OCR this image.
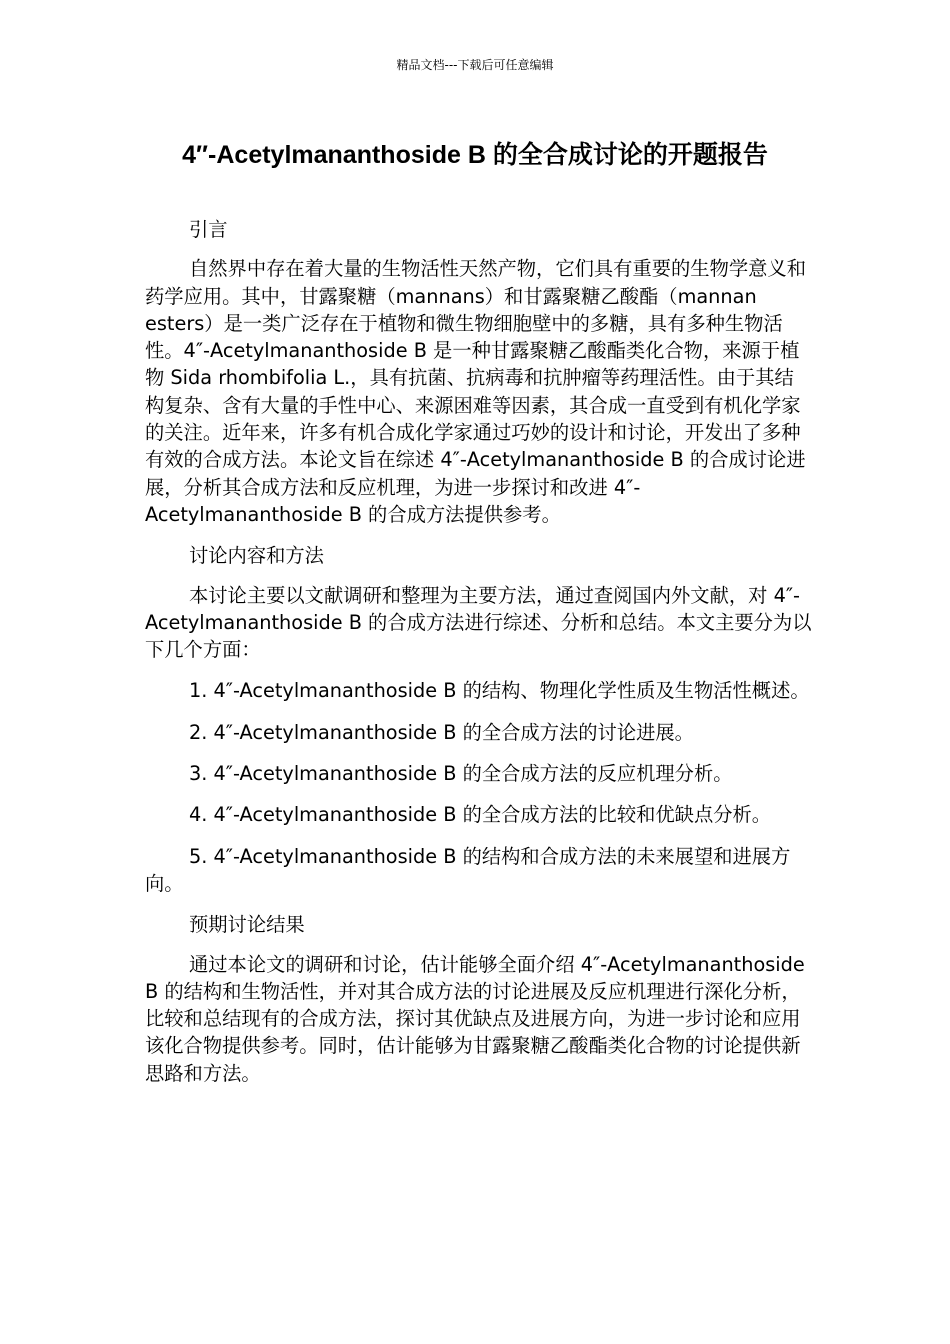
精品文档---下载后可任意编辑
4″-Acetylmananthoside B 的全合成讨论的开题报告

引言

自然界中存在着大量的生物活性天然产物，它们具有重要的生物学意义和药学应用。其中，甘露聚糖（mannans）和甘露聚糖乙酸酯（mannan esters）是一类广泛存在于植物和微生物细胞壁中的多糖，具有多种生物活性。4″-Acetylmananthoside B 是一种甘露聚糖乙酸酯类化合物，来源于植物 Sida rhombifolia L.，具有抗菌、抗病毒和抗肿瘤等药理活性。由于其结构复杂、含有大量的手性中心、来源困难等因素，其合成一直受到有机化学家的关注。近年来，许多有机合成化学家通过巧妙的设计和讨论，开发出了多种有效的合成方法。本论文旨在综述 4″-Acetylmananthoside B 的合成讨论进展，分析其合成方法和反应机理，为进一步探讨和改进 4″-Acetylmananthoside B 的合成方法提供参考。

讨论内容和方法

本讨论主要以文献调研和整理为主要方法，通过查阅国内外文献，对 4″-Acetylmananthoside B 的合成方法进行综述、分析和总结。本文主要分为以下几个方面：

1. 4″-Acetylmananthoside B 的结构、物理化学性质及生物活性概述。

2. 4″-Acetylmananthoside B 的全合成方法的讨论进展。

3. 4″-Acetylmananthoside B 的全合成方法的反应机理分析。

4. 4″-Acetylmananthoside B 的全合成方法的比较和优缺点分析。

5. 4″-Acetylmananthoside B 的结构和合成方法的未来展望和进展方向。

预期讨论结果

通过本论文的调研和讨论，估计能够全面介绍 4″-Acetylmananthoside B 的结构和生物活性，并对其合成方法的讨论进展及反应机理进行深化分析，比较和总结现有的合成方法，探讨其优缺点及进展方向，为进一步讨论和应用该化合物提供参考。同时，估计能够为甘露聚糖乙酸酯类化合物的讨论提供新思路和方法。
